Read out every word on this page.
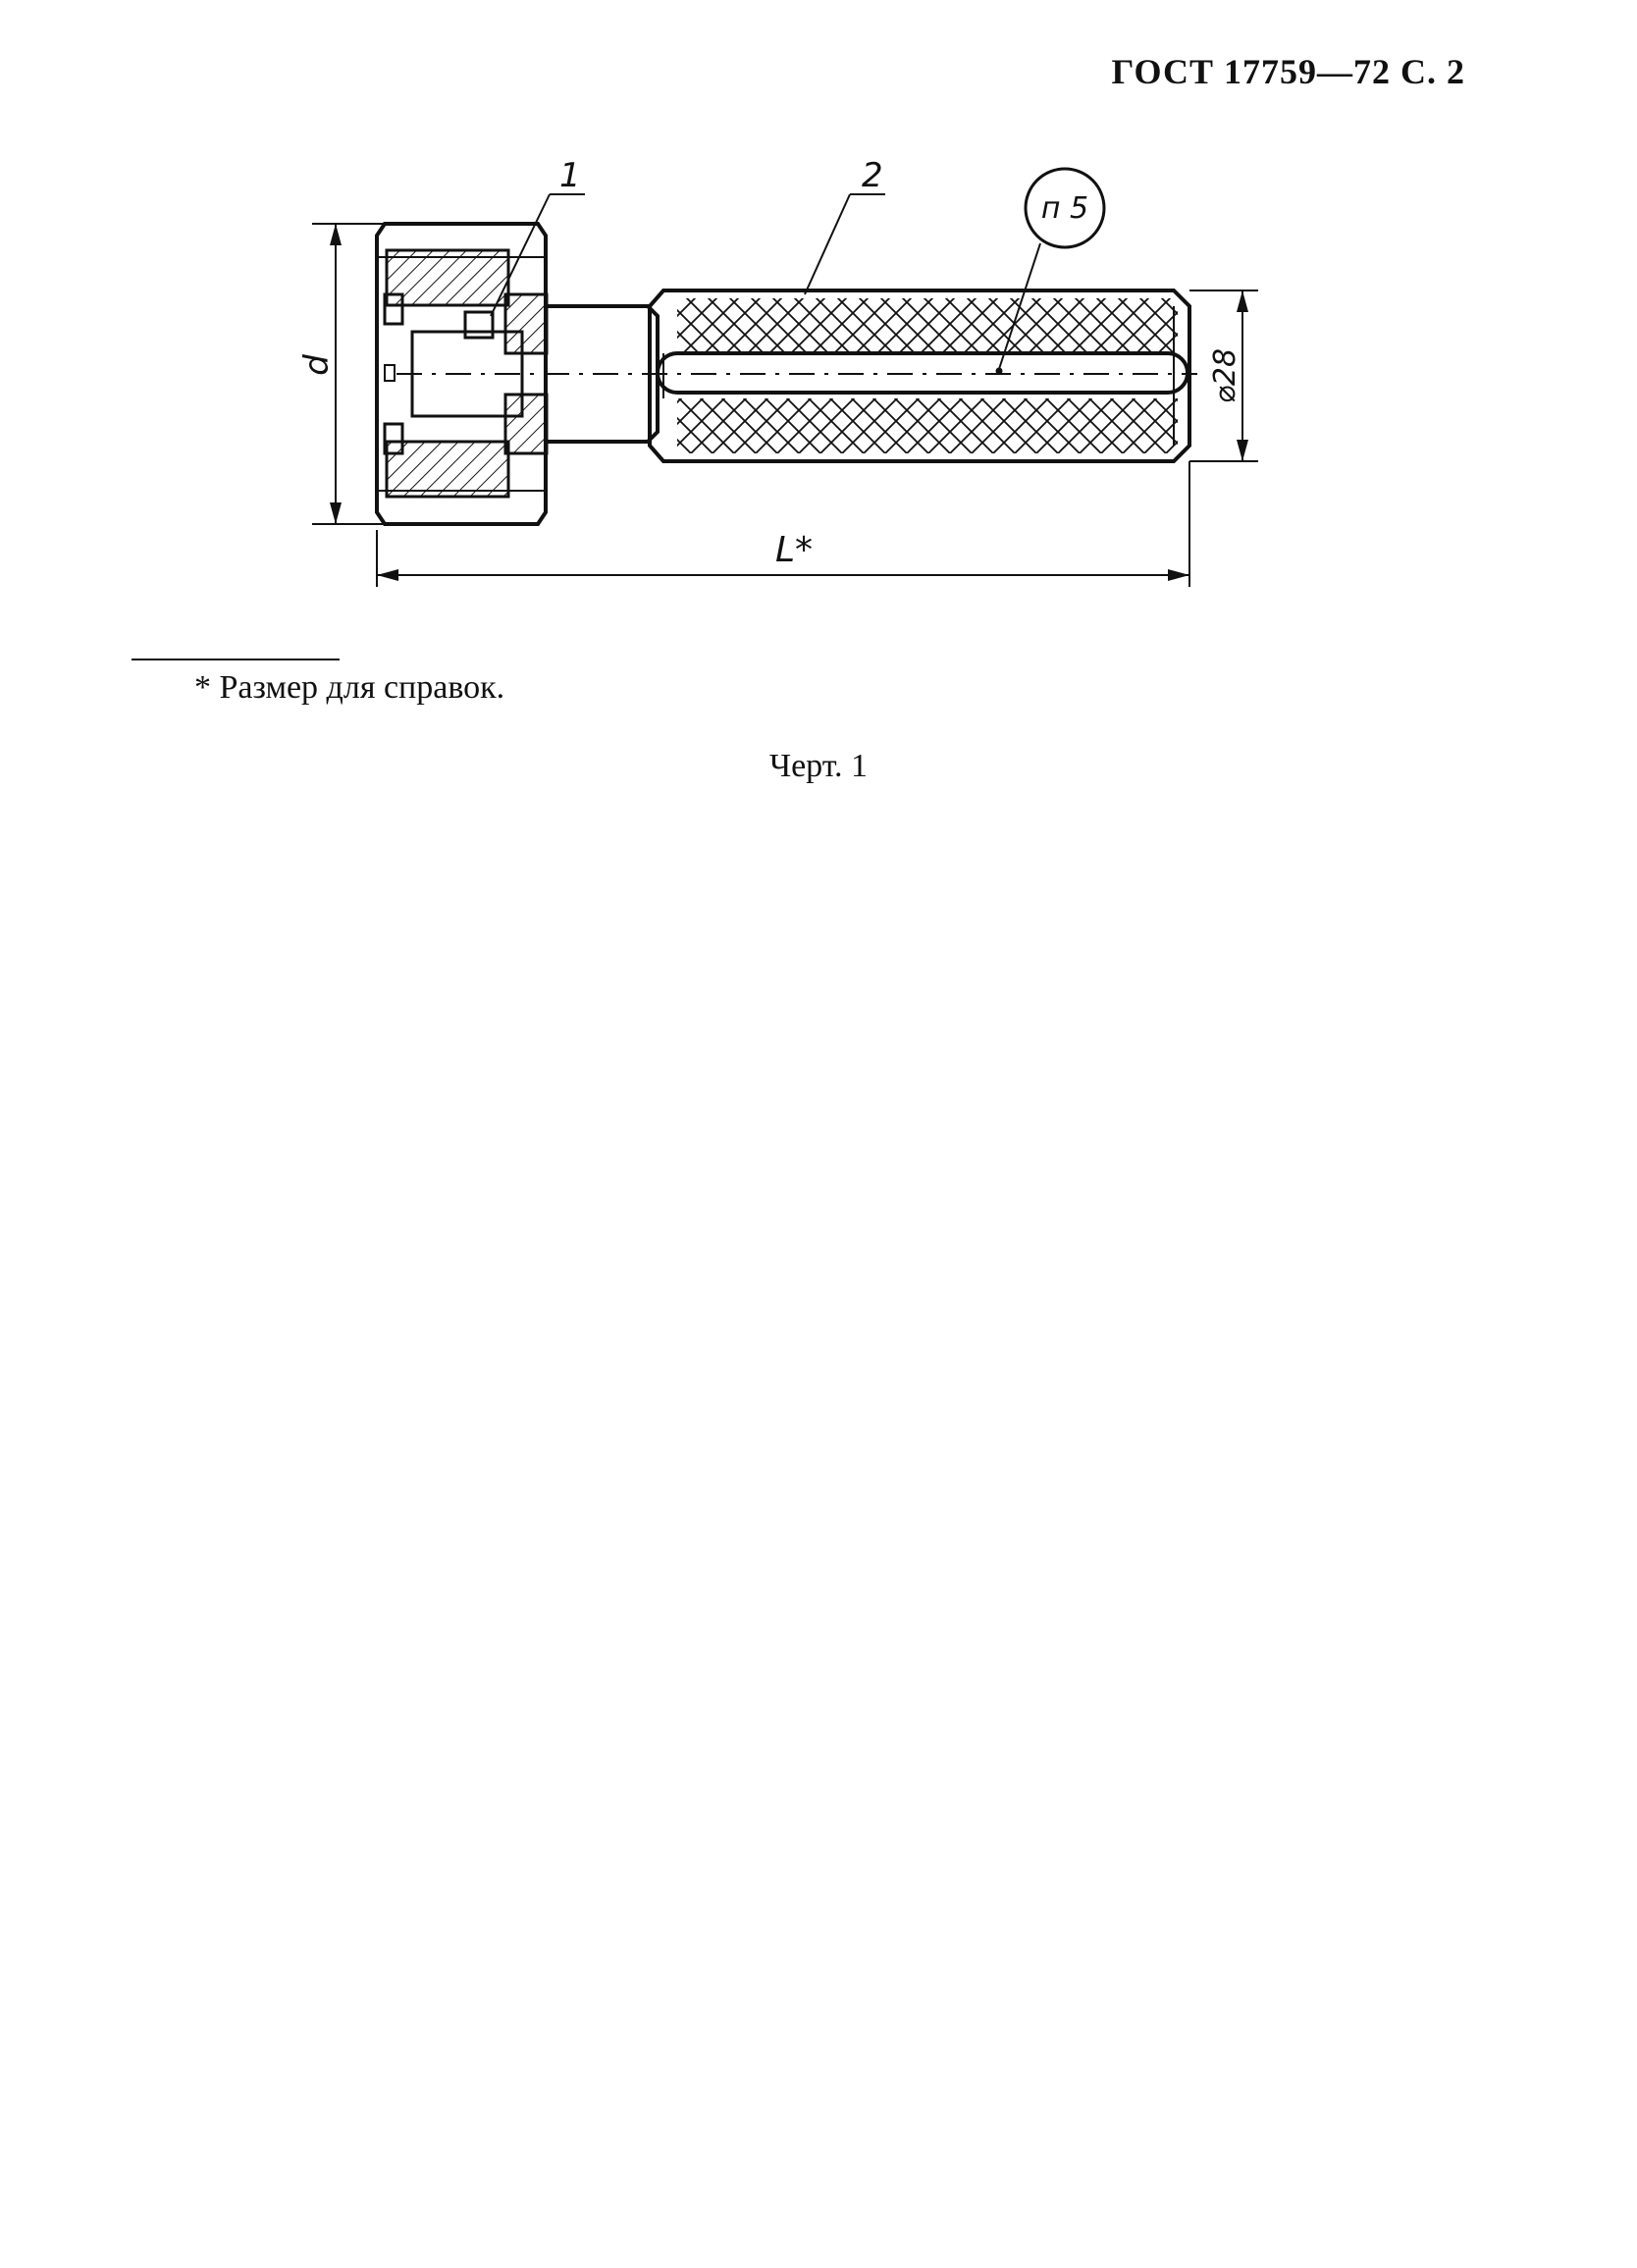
ГОСТ 17759—72 С. 2
1	2
п 5
d
L*
⌀28
* Размер для справок.
Черт. 1
